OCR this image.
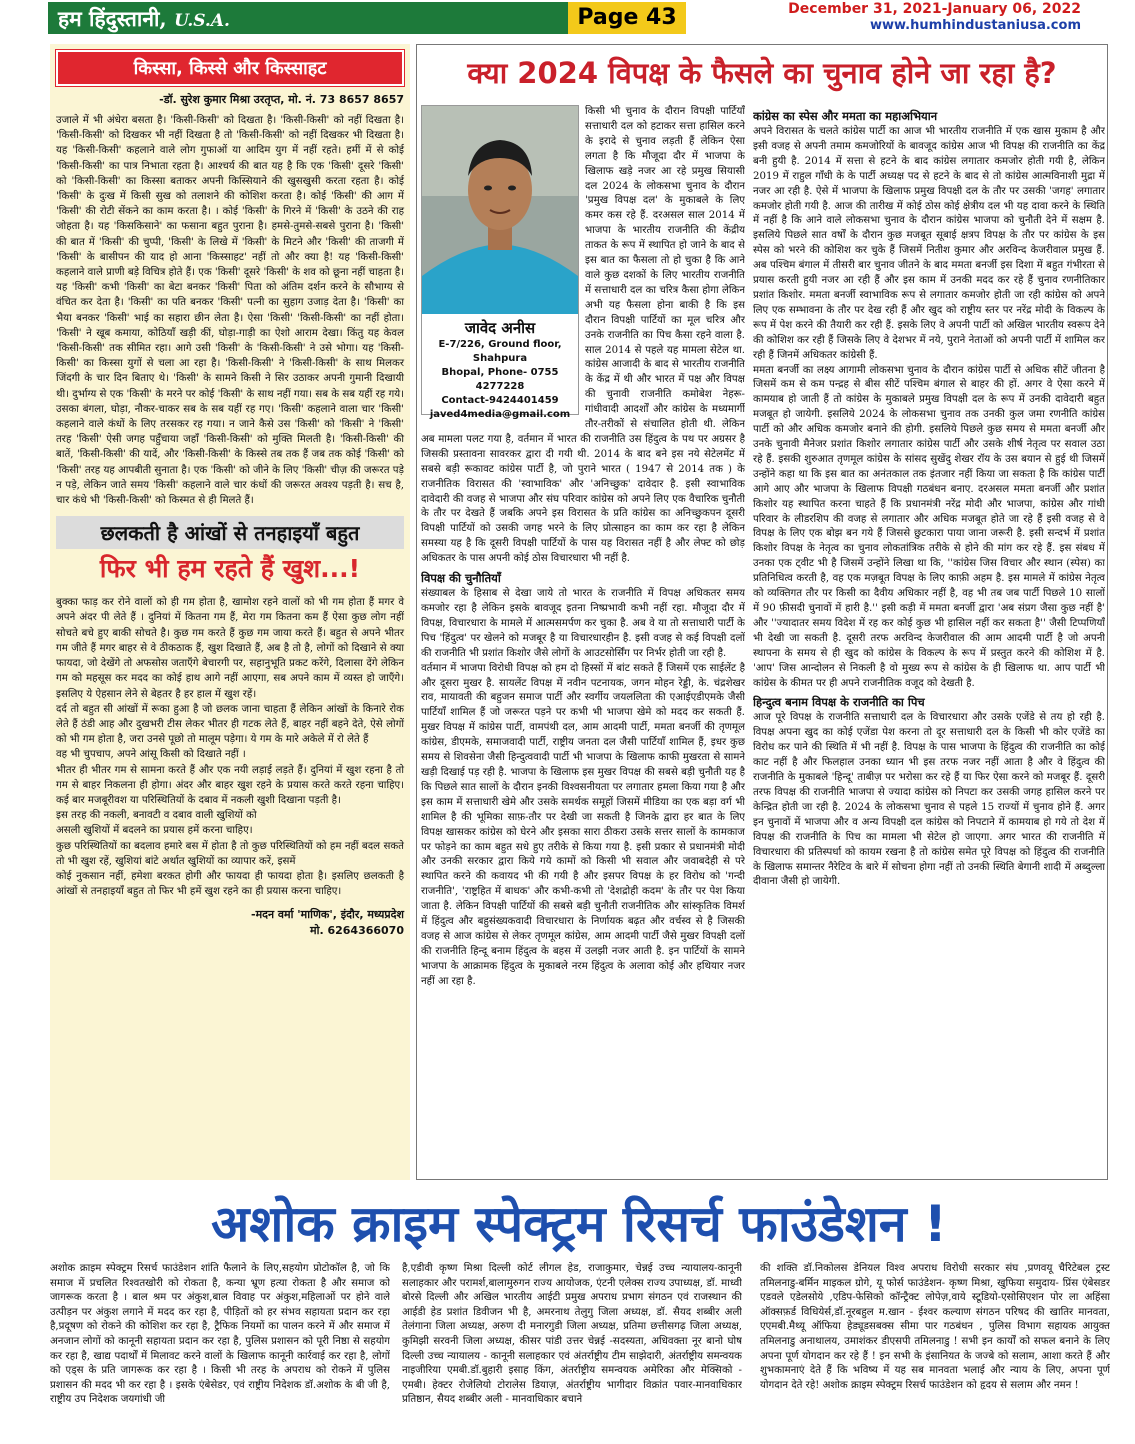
हम हिंदुस्तानी, U.S.A.	Page 43	December 31, 2021-January 06, 2022
www.humhindustaniusa.com
किस्सा, किस्से और किस्साहट
-डॉ. सुरेश कुमार मिश्रा उरतृप्त, मो. नं. 73 8657 8657
उजाले में भी अंधेरा बसता है। 'किसी-किसी' को दिखता है। 'किसी-किसी' को नहीं दिखता है। 'किसी-किसी' को दिखकर भी नहीं दिखता है तो 'किसी-किसी' को नहीं दिखकर भी दिखता है। यह 'किसी-किसी' कहलाने वाले लोग गुफाओं या आदिम युग में नहीं रहते। हमीं में से कोई 'किसी-किसी' का पात्र निभाता रहता है। आश्चर्य की बात यह है कि एक 'किसी' दूसरे 'किसी' को 'किसी-किसी' का किस्सा बताकर अपनी किस्सियाने की खुसखुसी करता रहता है। कोई 'किसी' के दुःख में किसी सुख को तलाशने की कोशिश करता है। कोई 'किसी' की आग में 'किसी' की रोटी सेंकने का काम करता है। । कोई 'किसी' के गिरने में 'किसी' के उठने की राह जोहता है। यह 'किसकिसाने' का फसाना बहुत पुराना है। हमसे-तुमसे-सबसे पुराना है। 'किसी' की बात में 'किसी' की चुप्पी, 'किसी' के लिखे में 'किसी' के मिटने और 'किसी' की ताजगी में 'किसी' के बासीपन की याद हो आना 'किस्साहट' नहीं तो और क्या है! यह 'किसी-किसी' कहलाने वाले प्राणी बड़े विचित्र होते हैं। एक 'किसी' दूसरे 'किसी' के शव को छूना नहीं चाहता है। यह 'किसी' कभी 'किसी' का बेटा बनकर 'किसी' पिता को अंतिम दर्शन करने के सौभाग्य से वंचित कर देता है। 'किसी' का पति बनकर 'किसी' पत्नी का सुहाग उजाड़ देता है। 'किसी' का भैया बनकर 'किसी' भाई का सहारा छीन लेता है। ऐसा 'किसी' 'किसी-किसी' का नहीं होता। 'किसी' ने खूब कमाया, कोठियाँ खड़ी कीं, घोड़ा-गाड़ी का ऐशो आराम देखा। किंतु यह केवल 'किसी-किसी' तक सीमित रहा। आगे उसी 'किसी' के 'किसी-किसी' ने उसे भोगा। यह 'किसी-किसी' का किस्सा युगों से चला आ रहा है। 'किसी-किसी' ने 'किसी-किसी' के साथ मिलकर जिंदगी के चार दिन बिताए थे। 'किसी' के सामने किसी ने सिर उठाकर अपनी गुमानी दिखायी थी। दुर्भाग्य से एक 'किसी' के मरने पर कोई 'किसी' के साथ नहीं गया। सब के सब यहीं रह गये। उसका बंगला, घोड़ा, नौकर-चाकर सब के सब यहीं रह गए। 'किसी' कहलाने वाला चार 'किसी' कहलाने वाले कंधों के लिए तरसकर रह गया। न जाने कैसे उस 'किसी' को 'किसी' ने 'किसी' तरह 'किसी' ऐसी जगह पहुँचाया जहाँ 'किसी-किसी' को मुक्ति मिलती है। 'किसी-किसी' की बातें, 'किसी-किसी' की यादें, और 'किसी-किसी' के किस्से तब तक हैं जब तक कोई 'किसी' को 'किसी' तरह यह आपबीती सुनाता है। एक 'किसी' को जीने के लिए 'किसी' चीज़ की जरूरत पड़े न पड़े, लेकिन जाते समय 'किसी' कहलाने वाले चार कंधों की जरूरत अवश्य पड़ती है। सच है, चार कंधे भी 'किसी-किसी' को किस्मत से ही मिलते हैं।
छलकती है आंखों से तनहाइयाँ बहुत
फिर भी हम रहते हैं खुश...!
बुक्का फाड़ कर रोने वालों को ही गम होता है, खामोश रहने वालों को भी गम होता हैं मगर वे अपने अंदर पी लेते हैं । दुनियां में कितना गम हैं, मेरा गम कितना कम हैं ऐसा कुछ लोग नहीं सोचते बचे हुए बाकी सोचते है। कुछ गम करते हैं कुछ गम जाया करते हैं। बहुत से अपने भीतर गम जीते हैं मगर बाहर से वे ठीकठाक हैं, खुश दिखाते हैं, अब है तो है, लोगों को दिखाने से क्या फायदा, जो देखेंगे तो अफसोस जताएँगे बेचारगी पर, सहानुभूति प्रकट करेंगे, दिलासा देंगे लेकिन गम को महसूस कर मदद का कोई हाथ आगे नहीं आएगा, सब अपने काम में व्यस्त हो जाएँगे। इसलिए ये ऐहसान लेने से बेहतर है हर हाल में खुश रहें।
दर्द तो बहुत सी आंखों में रूका हुआ है जो छलक जाना चाहता हैं लेकिन आंखों के किनारे रोक लेते हैं ठंडी आह और दुखभरी टीस लेकर भीतर ही गटक लेते हैं, बाहर नहीं बहने देते, ऐसे लोगों को भी गम होता है, जरा उनसे पूछो तो मालूम पड़ेगा। ये गम के मारे अकेले में रो लेते हैं
वह भी चुपचाप, अपने आंसू किसी को दिखाते नहीं ।
भीतर ही भीतर गम से सामना करते हैं और एक नयी लड़ाई लड़ते हैं। दुनियां में खुश रहना है तो गम से बाहर निकलना ही होगा। अंदर और बाहर खुश रहने के प्रयास करते करते रहना चाहिए। कई बार मजबूरीवश या परिस्थितियों के दबाव में नकली खुशी दिखाना पड़ती है।
इस तरह की नकली, बनावटी व दबाव वाली खुशियों को
असली खुशियों में बदलने का प्रयास हमें करना चाहिए।
कुछ परिस्थितियों का बदलाव हमारे बस में होता है तो कुछ परिस्थितियों को हम नहीं बदल सकते तो भी खुश रहें, खुशियां बांटे अर्थात खुशियों का व्यापार करें, इसमें
कोई नुकसान नहीं, हमेशा बरकत होगी और फायदा ही फायदा होता है। इसलिए छलकती है आंखों से तनहाइयाँ बहुत तो फिर भी हमें खुश रहने का ही प्रयास करना चाहिए।
-मदन वर्मा 'माणिक', इंदौर, मध्यप्रदेश
मो. 6264366070
क्या 2024 विपक्ष के फैसले का चुनाव होने जा रहा है?
जावेद अनीस
E-7/226, Ground floor, Shahpura
Bhopal, Phone- 0755 4277228
Contact-9424401459
javed4media@gmail.com
किसी भी चुनाव के दौरान विपक्षी पार्टियाँ सत्ताधारी दल को हटाकर सत्ता हासिल करने के इरादे से चुनाव लड़ती हैं लेकिन ऐसा लगता है कि मौजूदा दौर में भाजपा के खिलाफ खड़े नजर आ रहे प्रमुख सियासी दल 2024 के लोकसभा चुनाव के दौरान 'प्रमुख विपक्ष दल' के मुकाबले के लिए कमर कस रहे हैं. दरअसल साल 2014 में भाजपा के भारतीय राजनीति की केंद्रीय ताकत के रूप में स्थापित हो जाने के बाद से इस बात का फैसला तो हो चुका है कि आने वाले कुछ दशकों के लिए भारतीय राजनीति में सत्ताधारी दल का चरित्र कैसा होगा लेकिन अभी यह फैसला होना बाकी है कि इस दौरान विपक्षी पार्टियों का मूल चरित्र और उनके राजनीति का पिच कैसा रहने वाला है. साल 2014 से पहले यह मामला सेटेल था. कांग्रेस आजादी के बाद से भारतीय राजनीति के केंद्र में थी और भारत में पक्ष और विपक्ष की चुनावी राजनीति कमोबेश नेहरू-गांधीवादी आदर्शों और कांग्रेस के मध्यमार्गी तौर-तरीकों से संचालित होती थी. लेकिन अब मामला पलट गया है, वर्तमान में भारत की राजनीति उस हिंदुत्व के पथ पर अग्रसर है जिसकी प्रस्तावना सावरकर द्वारा दी गयी थी. 2014 के बाद बने इस नये सेटेलमेंट में सबसे बड़ी रूकावट कांग्रेस पार्टी है, जो पुराने भारत ( 1947 से 2014 तक ) के राजनीतिक विरासत की 'स्वाभाविक' और 'अनिच्छुक' दावेदार है. इसी स्वाभाविक दावेदारी की वजह से भाजपा और संघ परिवार कांग्रेस को अपने लिए एक वैचारिक चुनौती के तौर पर देखते हैं जबकि अपने इस विरासत के प्रति कांग्रेस का अनिच्छुकपन दूसरी विपक्षी पार्टियों को उसकी जगह भरने के लिए प्रोत्साहन का काम कर रहा है लेकिन समस्या यह है कि दूसरी विपक्षी पार्टियों के पास यह विरासत नहीं है और लेफ्ट को छोड़ अधिकतर के पास अपनी कोई ठोस विचारधारा भी नहीं है.
विपक्ष की चुनौतियाँ
संख्याबल के हिसाब से देखा जाये तो भारत के राजनीति में विपक्ष अधिकतर समय कमजोर रहा है लेकिन इसके बावजूद इतना निष्प्रभावी कभी नहीं रहा. मौजूदा दौर में विपक्ष, विचारधारा के मामले में आत्मसमर्पण कर चुका है. अब वे या तो सत्ताधारी पार्टी के पिच 'हिंदुत्व' पर खेलने को मजबूर है या विचारधारहीन है. इसी वजह से कई विपक्षी दलों की राजनीति भी प्रशांत किशोर जैसे लोगों के आउटसोर्सिंग पर निर्भर होती जा रही है.
वर्तमान में भाजपा विरोधी विपक्ष को हम दो हिस्सों में बांट सकते हैं जिसमें एक साईलेंट है और दूसरा मुखर है. सायलेंट विपक्ष में नवीन पटनायक, जगन मोहन रेड्डी, के. चंद्रशेखर राव, मायावती की बहुजन समाज पार्टी और स्वर्गीय जयललिता की एआईएडीएमके जैसी पार्टियाँ शामिल हैं जो जरूरत पड़ने पर कभी भी भाजपा खेमे को मदद कर सकती हैं. मुखर विपक्ष में कांग्रेस पार्टी, वामपंथी दल, आम आदमी पार्टी, ममता बनर्जी की तृणमूल कांग्रेस, डीएमके, समाजवादी पार्टी, राष्ट्रीय जनता दल जैसी पार्टियाँ शामिल हैं, इधर कुछ समय से शिवसेना जैसी हिन्दुत्ववादी पार्टी भी भाजपा के खिलाफ काफी मुखरता से सामने खड़ी दिखाई पड़ रही है. भाजपा के खिलाफ इस मुखर विपक्ष की सबसे बड़ी चुनौती यह है कि पिछले सात सालों के दौरान इनकी विश्वसनीयता पर लगातार हमला किया गया है और इस काम में सत्ताधारी खेमे और उसके समर्थक समूहों जिसमें मीडिया का एक बड़ा वर्ग भी शामिल है की भूमिका साफ़-तौर पर देखी जा सकती है जिनके द्वारा हर बात के लिए विपक्ष खासकर कांग्रेस को घेरने और इसका सारा ठीकरा उसके सत्तर सालों के कामकाज पर फोड़ने का काम बहुत सधे हुए तरीके से किया गया है. इसी प्रकार से प्रधानमंत्री मोदी और उनकी सरकार द्वारा किये गये कामों को किसी भी सवाल और जवाबदेही से परे स्थापित करने की कवायद भी की गयी है और इसपर विपक्ष के हर विरोध को 'गन्दी राजनीति', 'राष्ट्रहित में बाधक' और कभी-कभी तो 'देशद्रोही कदम' के तौर पर पेश किया जाता है. लेकिन विपक्षी पार्टियों की सबसे बड़ी चुनौती राजनीतिक और सांस्कृतिक विमर्श में हिंदुत्व और बहुसंख्यकवादी विचारधारा के निर्णायक बढ़त और वर्चस्व से है जिसकी वजह से आज कांग्रेस से लेकर तृणमूल कांग्रेस, आम आदमी पार्टी जैसे मुखर विपक्षी दलों की राजनीति हिन्दू बनाम हिंदुत्व के बहस में उलझी नजर आती है. इन पार्टियों के सामने भाजपा के आक्रामक हिंदुत्व के मुकाबले नरम हिंदुत्व के अलावा कोई और हथियार नजर नहीं आ रहा है.
कांग्रेस का स्पेस और ममता का महाअभियान
अपने विरासत के चलते कांग्रेस पार्टी का आज भी भारतीय राजनीति में एक खास मुकाम है और इसी वजह से अपनी तमाम कमजोरियों के बावजूद कांग्रेस आज भी विपक्ष की राजनीति का केंद्र बनी हुयी है. 2014 में सत्ता से हटने के बाद कांग्रेस लगातार कमजोर होती गयी है, लेकिन 2019 में राहुल गाँधी के के पार्टी अध्यक्ष पद से हटने के बाद से तो कांग्रेस आत्मविनाशी मुद्रा में नजर आ रही है. ऐसे में भाजपा के खिलाफ प्रमुख विपक्षी दल के तौर पर उसकी 'जगह' लगातार कमजोर होती गयी है. आज की तारीख में कोई ठोस कोई क्षेत्रीय दल भी यह दावा करने के स्थिति में नहीं है कि आने वाले लोकसभा चुनाव के दौरान कांग्रेस भाजपा को चुनौती देने में सक्षम है. इसलिये पिछले सात वर्षों के दौरान कुछ मजबूत सूबाई क्षत्रप विपक्ष के तौर पर कांग्रेस के इस स्पेस को भरने की कोशिश कर चुके हैं जिसमें नितीश कुमार और अरविन्द केजरीवाल प्रमुख हैं. अब पश्चिम बंगाल में तीसरी बार चुनाव जीतने के बाद ममता बनर्जी इस दिशा में बहुत गंभीरता से प्रयास करती हुयी नजर आ रही हैं और इस काम में उनकी मदद कर रहे हैं चुनाव रणनीतिकार प्रशांत किशोर. ममता बनर्जी स्वाभाविक रूप से लगातार कमजोर होती जा रही कांग्रेस को अपने लिए एक सम्भावना के तौर पर देख रही हैं और खुद को राष्ट्रीय स्तर पर नरेंद्र मोदी के विकल्प के रूप में पेश करने की तैयारी कर रही हैं. इसके लिए वे अपनी पार्टी को अखिल भारतीय स्वरूप देने की कोशिश कर रही हैं जिसके लिए वे देशभर में नये, पुराने नेताओं को अपनी पार्टी में शामिल कर रही हैं जिनमें अधिकतर कांग्रेसी हैं.
ममता बनर्जी का लक्ष्य आगामी लोकसभा चुनाव के दौरान कांग्रेस पार्टी से अधिक सीटें जीतना है जिसमें कम से कम पन्द्रह से बीस सीटें पश्चिम बंगाल से बाहर की हों. अगर वे ऐसा करने में कामयाब हो जाती हैं तो कांग्रेस के मुकाबले प्रमुख विपक्षी दल के रूप में उनकी दावेदारी बहुत मजबूत हो जायेगी. इसलिये 2024 के लोकसभा चुनाव तक उनकी कुल जमा रणनीति कांग्रेस पार्टी को और अधिक कमजोर बनाने की होगी. इसलिये पिछले कुछ समय से ममता बनर्जी और उनके चुनावी मैनेजर प्रशांत किशोर लगातार कांग्रेस पार्टी और उसके शीर्ष नेतृत्व पर सवाल उठा रहे हैं. इसकी शुरुआत तृणमूल कांग्रेस के सांसद सुखेंदु शेखर रॉय के उस बयान से हुई थी जिसमें उन्होंने कहा था कि इस बात का अनंतकाल तक इंतजार नहीं किया जा सकता है कि कांग्रेस पार्टी आगे आए और भाजपा के खिलाफ विपक्षी गठबंधन बनाए. दरअसल ममता बनर्जी और प्रशांत किशोर यह स्थापित करना चाहते हैं कि प्रधानमंत्री नरेंद्र मोदी और भाजपा, कांग्रेस और गांधी परिवार के लीडरशिप की वजह से लगातार और अधिक मजबूत होते जा रहे हैं इसी वजह से वे विपक्ष के लिए एक बोझ बन गये हैं जिससे छुटकारा पाया जाना जरूरी है. इसी सन्दर्भ में प्रशांत किशोर विपक्ष के नेतृत्व का चुनाव लोकतांत्रिक तरीके से होने की मांग कर रहे हैं. इस संबध में उनका एक ट्वीट भी है जिसमें उन्होंने लिखा था कि, ''कांग्रेस जिस विचार और स्थान (स्पेस) का प्रतिनिधित्व करती है, वह एक मज़बूत विपक्ष के लिए काफ़ी अहम है. इस मामले में कांग्रेस नेतृत्व को व्यक्तिगत तौर पर किसी का दैवीय अधिकार नहीं है, वह भी तब जब पार्टी पिछले 10 सालों में 90 फ़ीसदी चुनावों में हारी है.'' इसी कड़ी में ममता बनर्जी द्वारा 'अब संप्रग जैसा कुछ नहीं है' और ''ज्यादातर समय विदेश में रह कर कोई कुछ भी हासिल नहीं कर सकता है'' जैसी टिप्पणियाँ भी देखी जा सकती है. दूसरी तरफ अरविन्द केजरीवाल की आम आदमी पार्टी है जो अपनी स्थापना के समय से ही खुद को कांग्रेस के विकल्प के रूप में प्रस्तुत करने की कोशिश में है. 'आप' जिस आन्दोलन से निकली है वो मुख्य रूप से कांग्रेस के ही खिलाफ था. आप पार्टी भी कांग्रेस के कीमत पर ही अपने राजनीतिक वजूद को देखती है.
हिन्दुत्व बनाम विपक्ष के राजनीति का पिच
आज पूरे विपक्ष के राजनीति सत्ताधारी दल के विचारधारा और उसके एजेंडे से तय हो रही है. विपक्ष अपना खुद का कोई एजेंडा पेश करना तो दूर सत्ताधारी दल के किसी भी कोर एजेंडे का विरोध कर पाने की स्थिति में भी नहीं है. विपक्ष के पास भाजपा के हिंदुत्व की राजनीति का कोई काट नहीं है और फिलहाल उनका ध्यान भी इस तरफ नजर नहीं आता है और वे हिंदुत्व की राजनीति के मुकाबले 'हिन्दू' ताबीज़ पर भरोसा कर रहे हैं या फिर ऐसा करने को मजबूर हैं. दूसरी तरफ विपक्ष की राजनीति भाजपा से ज्यादा कांग्रेस को निपटा कर उसकी जगह हासिल करने पर केन्द्रित होती जा रही है. 2024 के लोकसभा चुनाव से पहले 15 राज्यों में चुनाव होने हैं. अगर इन चुनावों में भाजपा और व अन्य विपक्षी दल कांग्रेस को निपटाने में कामयाब हो गये तो देश में विपक्ष की राजनीति के पिच का मामला भी सेटेल हो जाएगा. अगर भारत की राजनीति में विचारधारा की प्रतिस्पर्धा को कायम रखना है तो कांग्रेस समेत पूरे विपक्ष को हिंदुत्व की राजनीति के खिलाफ समान्तर नैरेटिव के बारे में सोचना होगा नहीं तो उनकी स्थिति बेगानी शादी में अब्दुल्ला दीवाना जैसी हो जायेगी.
अशोक क्राइम स्पेक्ट्रम रिसर्च फाउंडेशन !
अशोक क्राइम स्पेक्ट्रम रिसर्च फाउंडेशन शांति फैलाने के लिए,सहयोग प्रोटोकॉल है, जो कि समाज में प्रचलित रिश्वतखोरी को रोकता है, कन्या भ्रूण हत्या रोकता है और समाज को जागरूक करता है । बाल श्रम पर अंकुश,बाल विवाह पर अंकुश,महिलाओं पर होने वाले उत्पीड़न पर अंकुश लगाने में मदद कर रहा है, पीड़ितों को हर संभव सहायता प्रदान कर रहा है,प्रदूषण को रोकने की कोशिश कर रहा है, ट्रैफिक नियमों का पालन करने में और समाज में अनजान लोगों को कानूनी सहायता प्रदान कर रहा है, पुलिस प्रशासन को पूरी निष्ठा से सहयोग कर रहा है, खाद्य पदार्थों में मिलावट करने वालों के खिलाफ कानूनी कार्रवाई कर रहा है, लोगों को एड्स के प्रति जागरूक कर रहा है । किसी भी तरह के अपराध को रोकने में पुलिस प्रशासन की मदद भी कर रहा है । इसके एंबेसेडर, एवं राष्ट्रीय निदेशक डॉ.अशोक के बी जी है, राष्ट्रीय उप निदेशक जयगांधी जी
है,एडीवी कृष्ण मिश्रा दिल्ली कोर्ट लीगल हेड, राजाकुमार, चेन्नई उच्च न्यायालय-कानूनी सलाहकार और परामर्श,बालामुरुगन राज्य आयोजक, एंटनी एलेक्स राज्य उपाध्यक्ष, डॉ. माध्वी बोरसे दिल्ली और अखिल भारतीय आईटी प्रमुख अपराध प्रभाग संगठन एवं राजस्थान की आईडी हेड प्रशांत डिवीजन भी है, अमरनाथ तेलुगु जिला अध्यक्ष, डॉ. सैयद शब्बीर अली तेलंगाना जिला अध्यक्ष, अरुण दी मनारगुडी जिला अध्यक्ष, प्रतिमा छत्तीसगढ़ जिला अध्यक्ष, कुमिझी सरवनी जिला अध्यक्ष, कीसर पांडी उत्तर चेन्नई -सदस्यता, अधिवक्ता नूर बानो घोष दिल्ली उच्च न्यायालय - कानूनी सलाहकार एवं अंतर्राष्ट्रीय टीम साझेदारी, अंतर्राष्ट्रीय समन्वयक नाइजीरिया एमबी.डॉ.बुहारी इसाह किंग, अंतर्राष्ट्रीय समन्वयक अमेरिका और मेक्सिको - एमबी। हेक्टर रोजेलियो टोरालेस डियाज़, अंतर्राष्ट्रीय भागीदार विक्रांत पवार-मानवाधिकार प्रतिष्ठान, सैयद शब्बीर अली - मानवाधिकार बचाने
की शक्ति डॉ.निकोलस डेनियल विश्व अपराध विरोधी सरकार संघ ,प्रणवयू चैरिटेबल ट्रस्ट तमिलनाडु-बर्मिन माइकल ग्रोगे, यू फोर्स फाउंडेशन- कृष्ण मिश्रा, खुफिया समुदाय- प्रिंस एंबेसडर एडवले एडेलसोये ,एडिप-फेसिको कॉन्ट्रैक्ट लोपेज़,वाये स्टूडियो-एसोसिएशन पोर ला अहिंसा ऑक्सफ़र्ड विधियेर्स,डॉ.नूरबहुल म.खान - ईश्वर कल्याण संगठन परिषद की खातिर मानवता, एएमबी.मैथ्यू ऑफिया हेड्यूडसबक्स सीमा पार गठबंधन , पुलिस विभाग सहायक आयुक्त तमिलनाडु अनाथालय, उमाशंकर डीएसपी तमिलनाडु ! सभी इन कार्यों को सफल बनाने के लिए अपना पूर्ण योगदान कर रहे हैं ! इन सभी के इंसानियत के जज्बे को सलाम, आशा करते हैं और शुभकामनाएं देते हैं कि भविष्य में यह सब मानवता भलाई और न्याय के लिए, अपना पूर्ण योगदान देते रहे! अशोक क्राइम स्पेक्ट्रम रिसर्च फाउंडेशन को हृदय से सलाम और नमन !
